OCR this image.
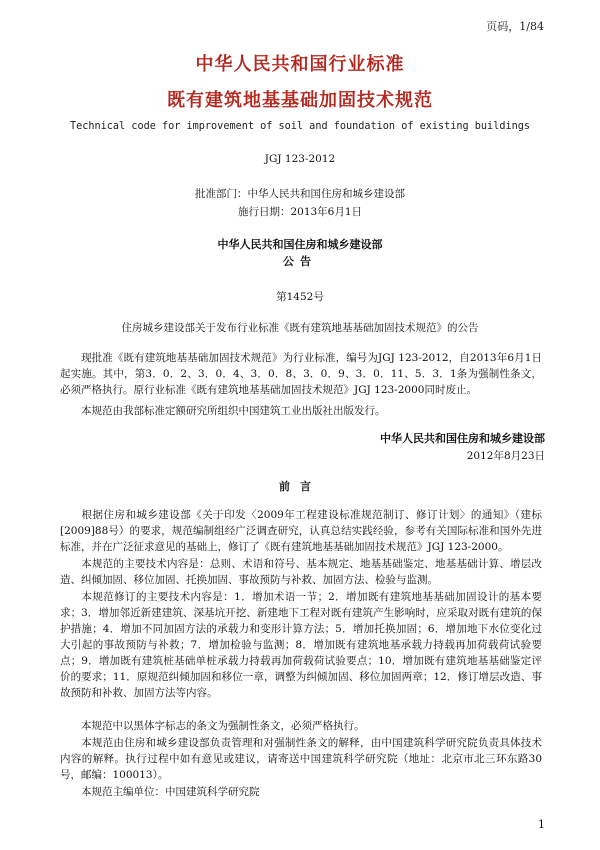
页码，1/84
中华人民共和国行业标准
既有建筑地基基础加固技术规范
Technical code for improvement of soil and foundation of existing buildings
JGJ 123-2012
批准部门：中华人民共和国住房和城乡建设部
施行日期：2013年6月1日
中华人民共和国住房和城乡建设部
公告
第1452号
住房城乡建设部关于发布行业标准《既有建筑地基基础加固技术规范》的公告
现批准《既有建筑地基基础加固技术规范》为行业标准，编号为JGJ 123-2012，自2013年6月1日起实施。其中，第3．0．2、3．0．4、3．0．8、3．0．9、3．0．11、5．3．1条为强制性条文，必须严格执行。原行业标准《既有建筑地基基础加固技术规范》JGJ 123-2000同时废止。
本规范由我部标准定额研究所组织中国建筑工业出版社出版发行。
中华人民共和国住房和城乡建设部
2012年8月23日
前言
根据住房和城乡建设部《关于印发〈2009年工程建设标准规范制订、修订计划〉的通知》（建标[2009]88号）的要求，规范编制组经广泛调查研究，认真总结实践经验，参考有关国际标准和国外先进标准，并在广泛征求意见的基础上，修订了《既有建筑地基基础加固技术规范》JGJ 123-2000。
本规范的主要技术内容是：总则、术语和符号、基本规定、地基基础鉴定、地基基础计算、增层改造、纠倾加固、移位加固、托换加固、事故预防与补救、加固方法、检验与监测。
本规范修订的主要技术内容是：1．增加术语一节；2．增加既有建筑地基基础加固设计的基本要求；3．增加邻近新建建筑、深基坑开挖、新建地下工程对既有建筑产生影响时，应采取对既有建筑的保护措施；4．增加不同加固方法的承载力和变形计算方法；5．增加托换加固；6．增加地下水位变化过大引起的事故预防与补救；7．增加检验与监测；8．增加既有建筑地基承载力持载再加荷载荷试验要点；9．增加既有建筑桩基础单桩承载力持载再加荷载荷试验要点；10．增加既有建筑地基基础鉴定评价的要求；11．原规范纠倾加固和移位一章，调整为纠倾加固、移位加固两章；12．修订增层改造、事故预防和补救、加固方法等内容。
本规范中以黑体字标志的条文为强制性条文，必须严格执行。
本规范由住房和城乡建设部负责管理和对强制性条文的解释，由中国建筑科学研究院负责具体技术内容的解释。执行过程中如有意见或建议，请寄送中国建筑科学研究院（地址：北京市北三环东路30号，邮编：100013）。
本规范主编单位：中国建筑科学研究院
1
